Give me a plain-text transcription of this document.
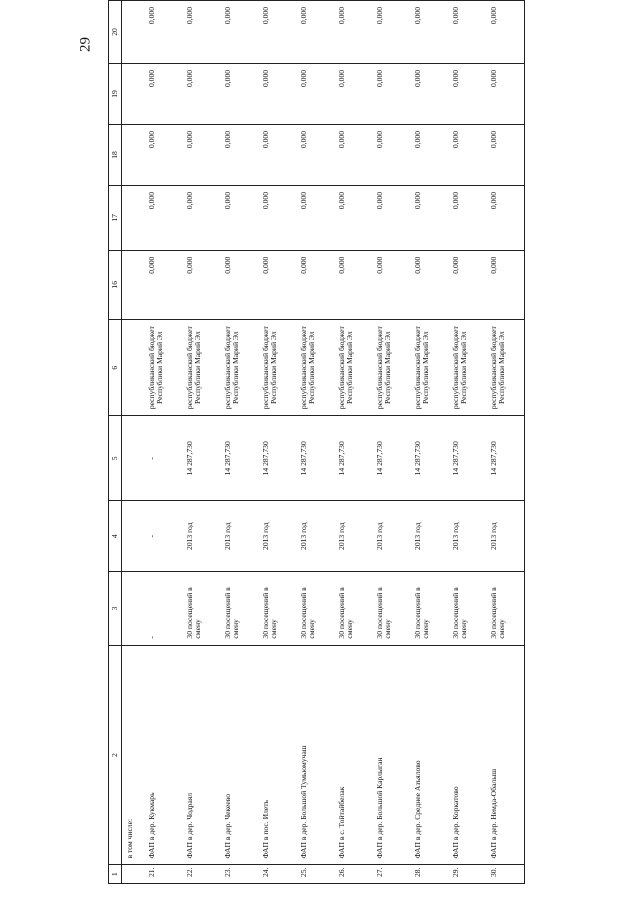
29
1	2	3	4	5	6	16	17	18	19	20
	в том числе:									
21.	ФАП в дер. Кукмарь	-	-	-	республиканский бюджет Республики Марий Эл	0,000	0,000	0,000	0,000	0,000
22.	ФАП в дер. Чодраял	30 посещений в смену	2013 год	14 287,730	республиканский бюджет Республики Марий Эл	0,000	0,000	0,000	0,000	0,000
23.	ФАП в дер. Чекеево	30 посещений в смену	2013 год	14 287,730	республиканский бюджет Республики Марий Эл	0,000	0,000	0,000	0,000	0,000
24.	ФАП в пос. Илеть	30 посещений в смену	2013 год	14 287,730	республиканский бюджет Республики Марий Эл	0,000	0,000	0,000	0,000	0,000
25.	ФАП в дер. Большой Тумьюмучаш	30 посещений в смену	2013 год	14 287,730	республиканский бюджет Республики Марий Эл	0,000	0,000	0,000	0,000	0,000
26.	ФАП в с. Тойтайбелак	30 посещений в смену	2013 год	14 287,730	республиканский бюджет Республики Марий Эл	0,000	0,000	0,000	0,000	0,000
27.	ФАП в дер. Большой Карлыган	30 посещений в смену	2013 год	14 287,730	республиканский бюджет Республики Марий Эл	0,000	0,000	0,000	0,000	0,000
28.	ФАП в дер. Среднее Азъялово	30 посещений в смену	2013 год	14 287,730	республиканский бюджет Республики Марий Эл	0,000	0,000	0,000	0,000	0,000
29.	ФАП в дер. Коркатово	30 посещений в смену	2013 год	14 287,730	республиканский бюджет Республики Марий Эл	0,000	0,000	0,000	0,000	0,000
30.	ФАП в дер. Немда-Обалыш	30 посещений в смену	2013 год	14 287,730	республиканский бюджет Республики Марий Эл	0,000	0,000	0,000	0,000	0,000
